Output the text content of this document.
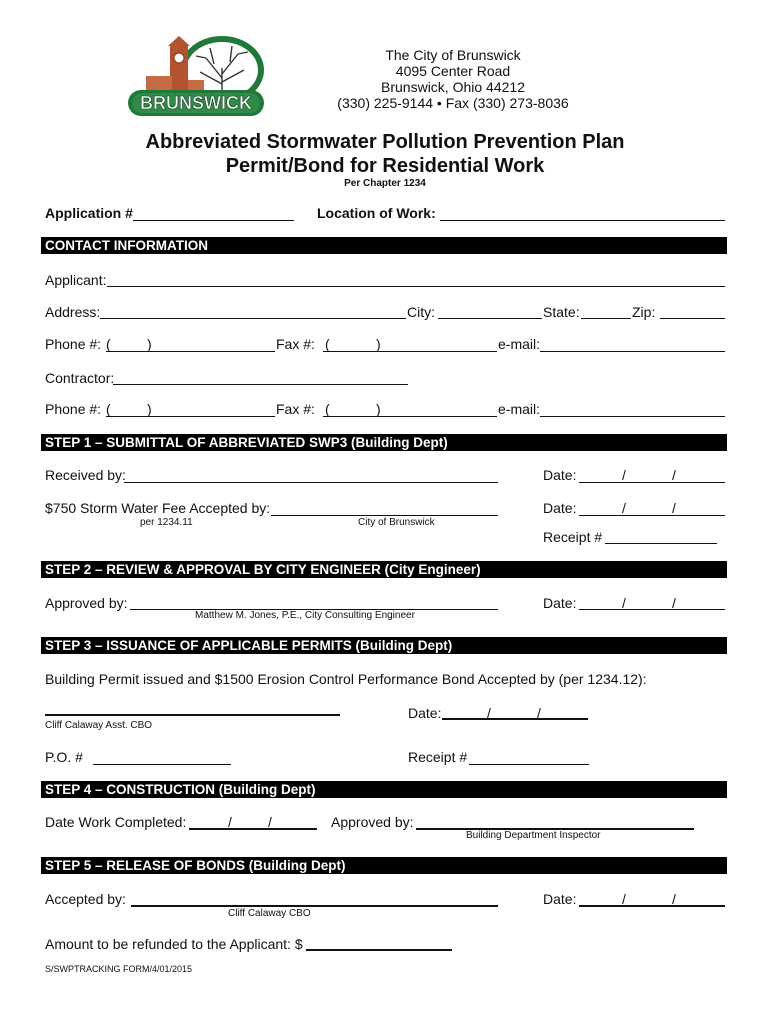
BRUNSWICK
The City of Brunswick
4095 Center Road
Brunswick, Ohio 44212
(330) 225-9144 • Fax (330) 273-8036
Abbreviated Stormwater Pollution Prevention Plan
Permit/Bond for Residential Work
Per Chapter 1234
Application #	Location of Work:
CONTACT INFORMATION
Applicant:
Address:	City:	State:	Zip:
Phone #: (	)	Fax #: (	)	e-mail:
Contractor:
Phone #: (	)	Fax #: (	)	e-mail:
STEP 1 – SUBMITTAL OF ABBREVIATED SWP3 (Building Dept)
Received by:	Date:	/	/
$750 Storm Water Fee Accepted by:	Date:	/	/
per 1234.11	City of Brunswick
Receipt #
STEP 2 – REVIEW & APPROVAL BY CITY ENGINEER (City Engineer)
Approved by:
Matthew M. Jones, P.E., City Consulting Engineer
Date:	/	/
STEP 3 – ISSUANCE OF APPLICABLE PERMITS (Building Dept)
Building Permit issued and $1500 Erosion Control Performance Bond Accepted by (per 1234.12):
Date:	/	/
Cliff Calaway Asst. CBO
P.O. #	Receipt #
STEP 4 – CONSTRUCTION (Building Dept)
Date Work Completed:	/	/	Approved by:
Building Department Inspector
STEP 5 – RELEASE OF BONDS (Building Dept)
Accepted by:
Cliff Calaway CBO
Date:	/	/
Amount to be refunded to the Applicant: $
S/SWPTRACKING FORM/4/01/2015
